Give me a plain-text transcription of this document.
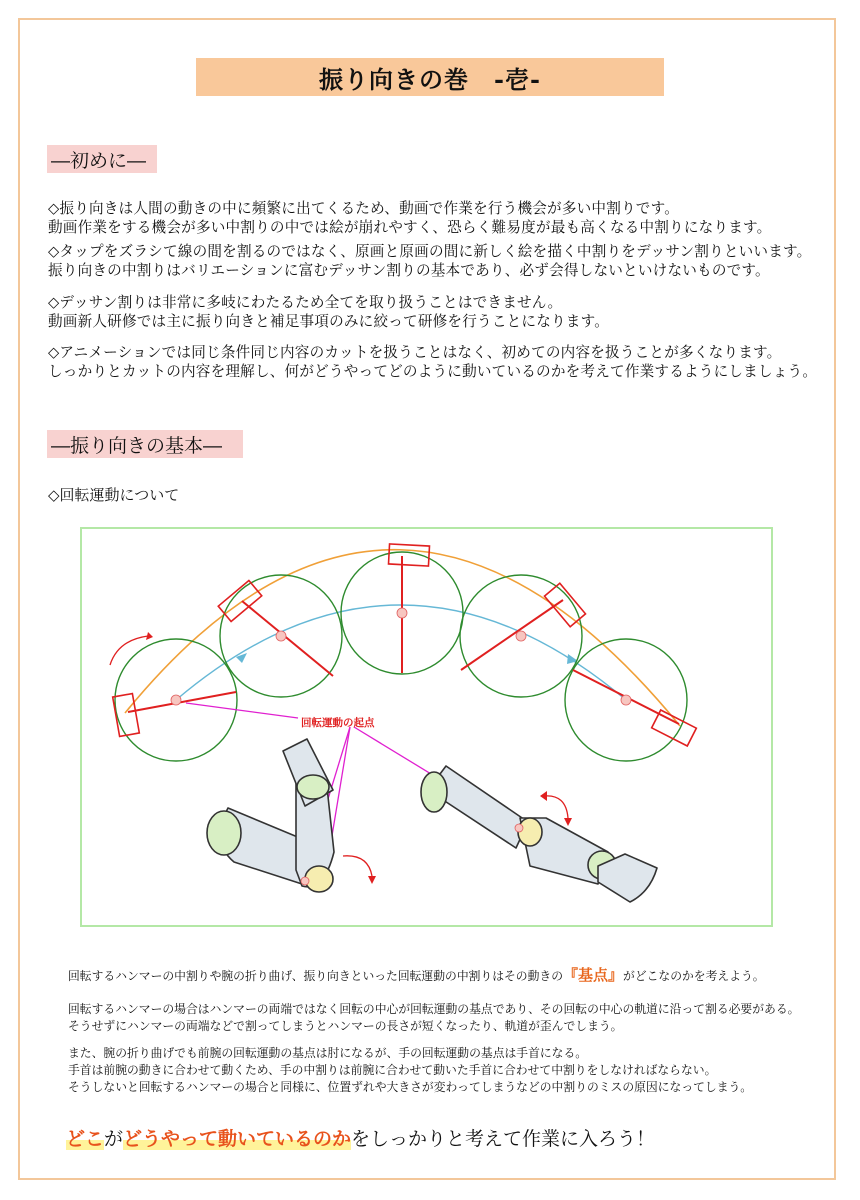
振り向きの巻　-壱-
―初めに―
◇振り向きは人間の動きの中に頻繁に出てくるため、動画で作業を行う機会が多い中割りです。
動画作業をする機会が多い中割りの中では絵が崩れやすく、恐らく難易度が最も高くなる中割りになります。
◇タップをズラシて線の間を割るのではなく、原画と原画の間に新しく絵を描く中割りをデッサン割りといいます。
振り向きの中割りはバリエーションに富むデッサン割りの基本であり、必ず会得しないといけないものです。
◇デッサン割りは非常に多岐にわたるため全てを取り扱うことはできません。
動画新人研修では主に振り向きと補足事項のみに絞って研修を行うことになります。
◇アニメーションでは同じ条件同じ内容のカットを扱うことはなく、初めての内容を扱うことが多くなります。
しっかりとカットの内容を理解し、何がどうやってどのように動いているのかを考えて作業するようにしましょう。
―振り向きの基本―
◇回転運動について
回転運動の起点
回転するハンマーの中割りや腕の折り曲げ、振り向きといった回転運動の中割りはその動きの『基点』がどこなのかを考えよう。
回転するハンマーの場合はハンマーの両端ではなく回転の中心が回転運動の基点であり、その回転の中心の軌道に沿って割る必要がある。
そうせずにハンマーの両端などで割ってしまうとハンマーの長さが短くなったり、軌道が歪んでしまう。
また、腕の折り曲げでも前腕の回転運動の基点は肘になるが、手の回転運動の基点は手首になる。
手首は前腕の動きに合わせて動くため、手の中割りは前腕に合わせて動いた手首に合わせて中割りをしなければならない。
そうしないと回転するハンマーの場合と同様に、位置ずれや大きさが変わってしまうなどの中割りのミスの原因になってしまう。
どこがどうやって動いているのかをしっかりと考えて作業に入ろう！
